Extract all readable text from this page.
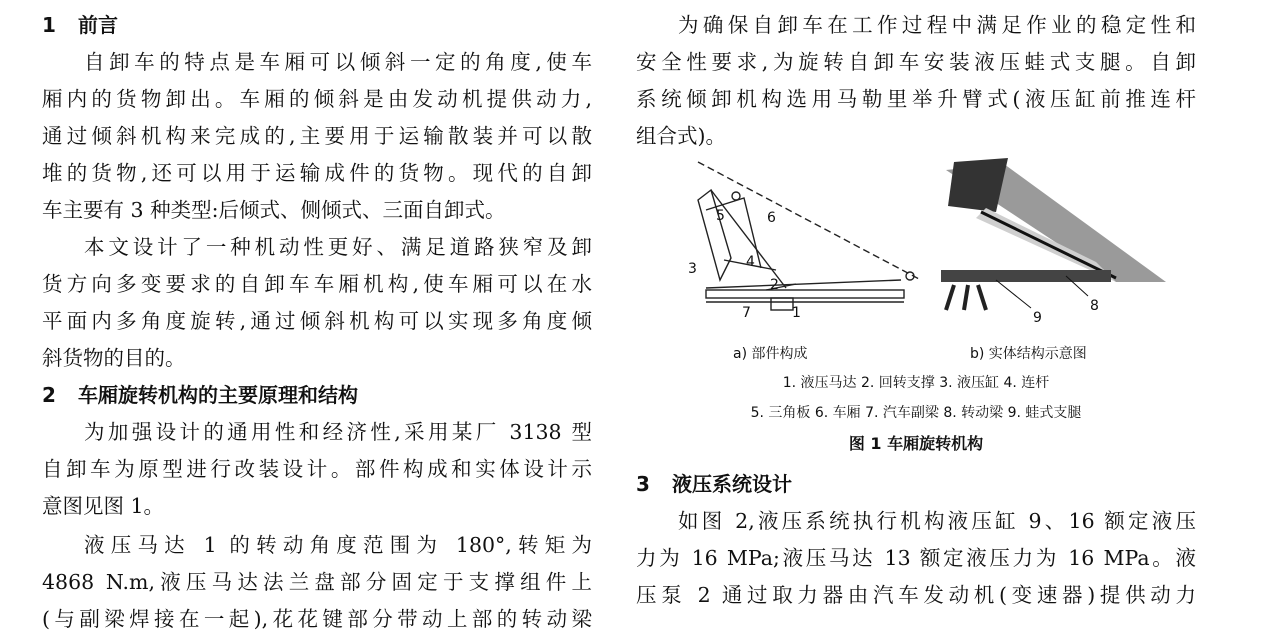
1 前言

自卸车的特点是车厢可以倾斜一定的角度,使车

厢内的货物卸出。车厢的倾斜是由发动机提供动力,

通过倾斜机构来完成的,主要用于运输散装并可以散

堆的货物,还可以用于运输成件的货物。现代的自卸

车主要有 3 种类型:后倾式、侧倾式、三面自卸式。

本文设计了一种机动性更好、满足道路狭窄及卸

货方向多变要求的自卸车车厢机构,使车厢可以在水

平面内多角度旋转,通过倾斜机构可以实现多角度倾

斜货物的目的。

2 车厢旋转机构的主要原理和结构

为加强设计的通用性和经济性,采用某厂 3138 型

自卸车为原型进行改装设计。部件构成和实体设计示

意图见图 1。

液压马达 1 的转动角度范围为 180°,转矩为

4868 N.m,液压马达法兰盘部分固定于支撑组件上

(与副梁焊接在一起),花花键部分带动上部的转动梁

为确保自卸车在工作过程中满足作业的稳定性和

安全性要求,为旋转自卸车安装液压蛙式支腿。自卸

系统倾卸机构选用马勒里举升臂式(液压缸前推连杆

组合式)。

1
2
3	4
5	6
7	8
9
a) 部件构成	b) 实体结构示意图
1. 液压马达 2. 回转支撑 3. 液压缸 4. 连杆
5. 三角板 6. 车厢 7. 汽车副梁 8. 转动梁 9. 蛙式支腿
图 1 车厢旋转机构
3 液压系统设计

如图 2,液压系统执行机构液压缸 9、16 额定液压

力为 16 MPa;液压马达 13 额定液压力为 16 MPa。液

压泵 2 通过取力器由汽车发动机(变速器)提供动力
